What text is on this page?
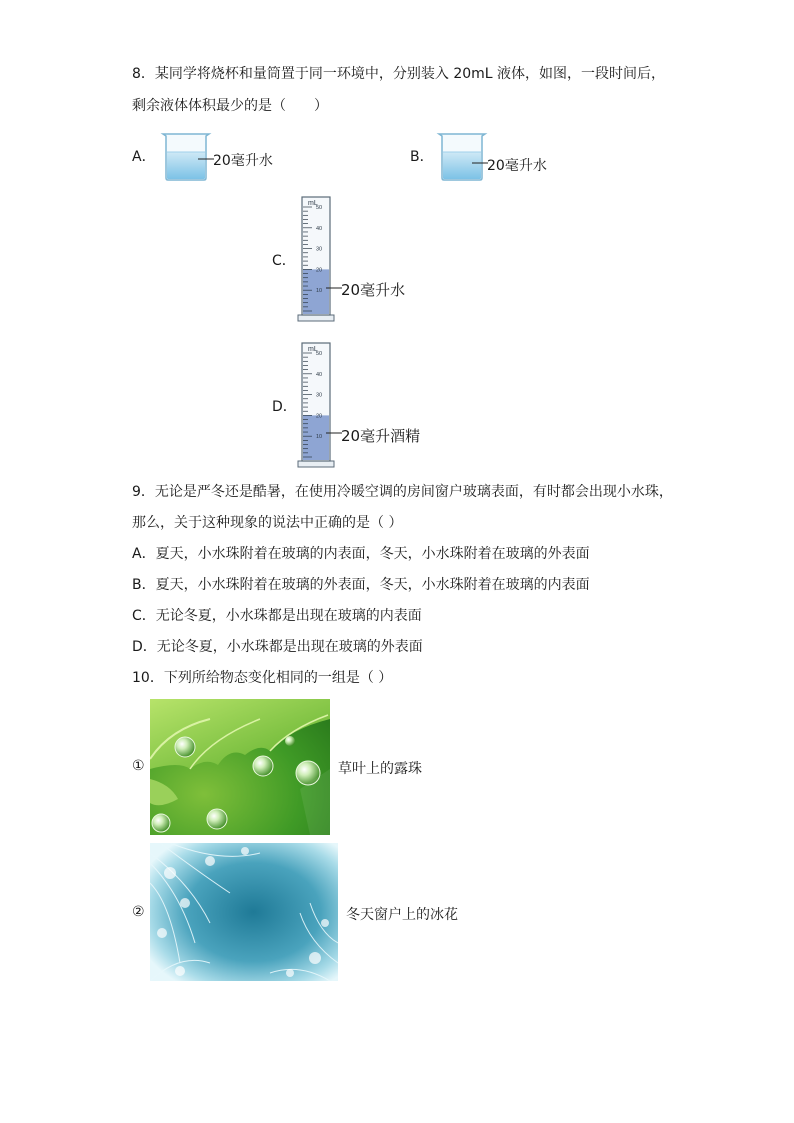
8．某同学将烧杯和量筒置于同一环境中，分别装入 20mL 液体，如图，一段时间后，
剩余液体体积最少的是（　　）
A．	20毫升水	B．
20毫升水
C．
mL
50
40
30
20
10 20毫升水
D．
mL
50
40
30
20
10 20毫升酒精
9．无论是严冬还是酷暑，在使用冷暖空调的房间窗户玻璃表面，有时都会出现小水珠，
那么，关于这种现象的说法中正确的是（ ）
A．夏天，小水珠附着在玻璃的内表面，冬天，小水珠附着在玻璃的外表面
B．夏天，小水珠附着在玻璃的外表面，冬天，小水珠附着在玻璃的内表面
C．无论冬夏，小水珠都是出现在玻璃的内表面
D．无论冬夏，小水珠都是出现在玻璃的外表面
10．下列所给物态变化相同的一组是（ ）
①	草叶上的露珠
②	冬天窗户上的冰花
